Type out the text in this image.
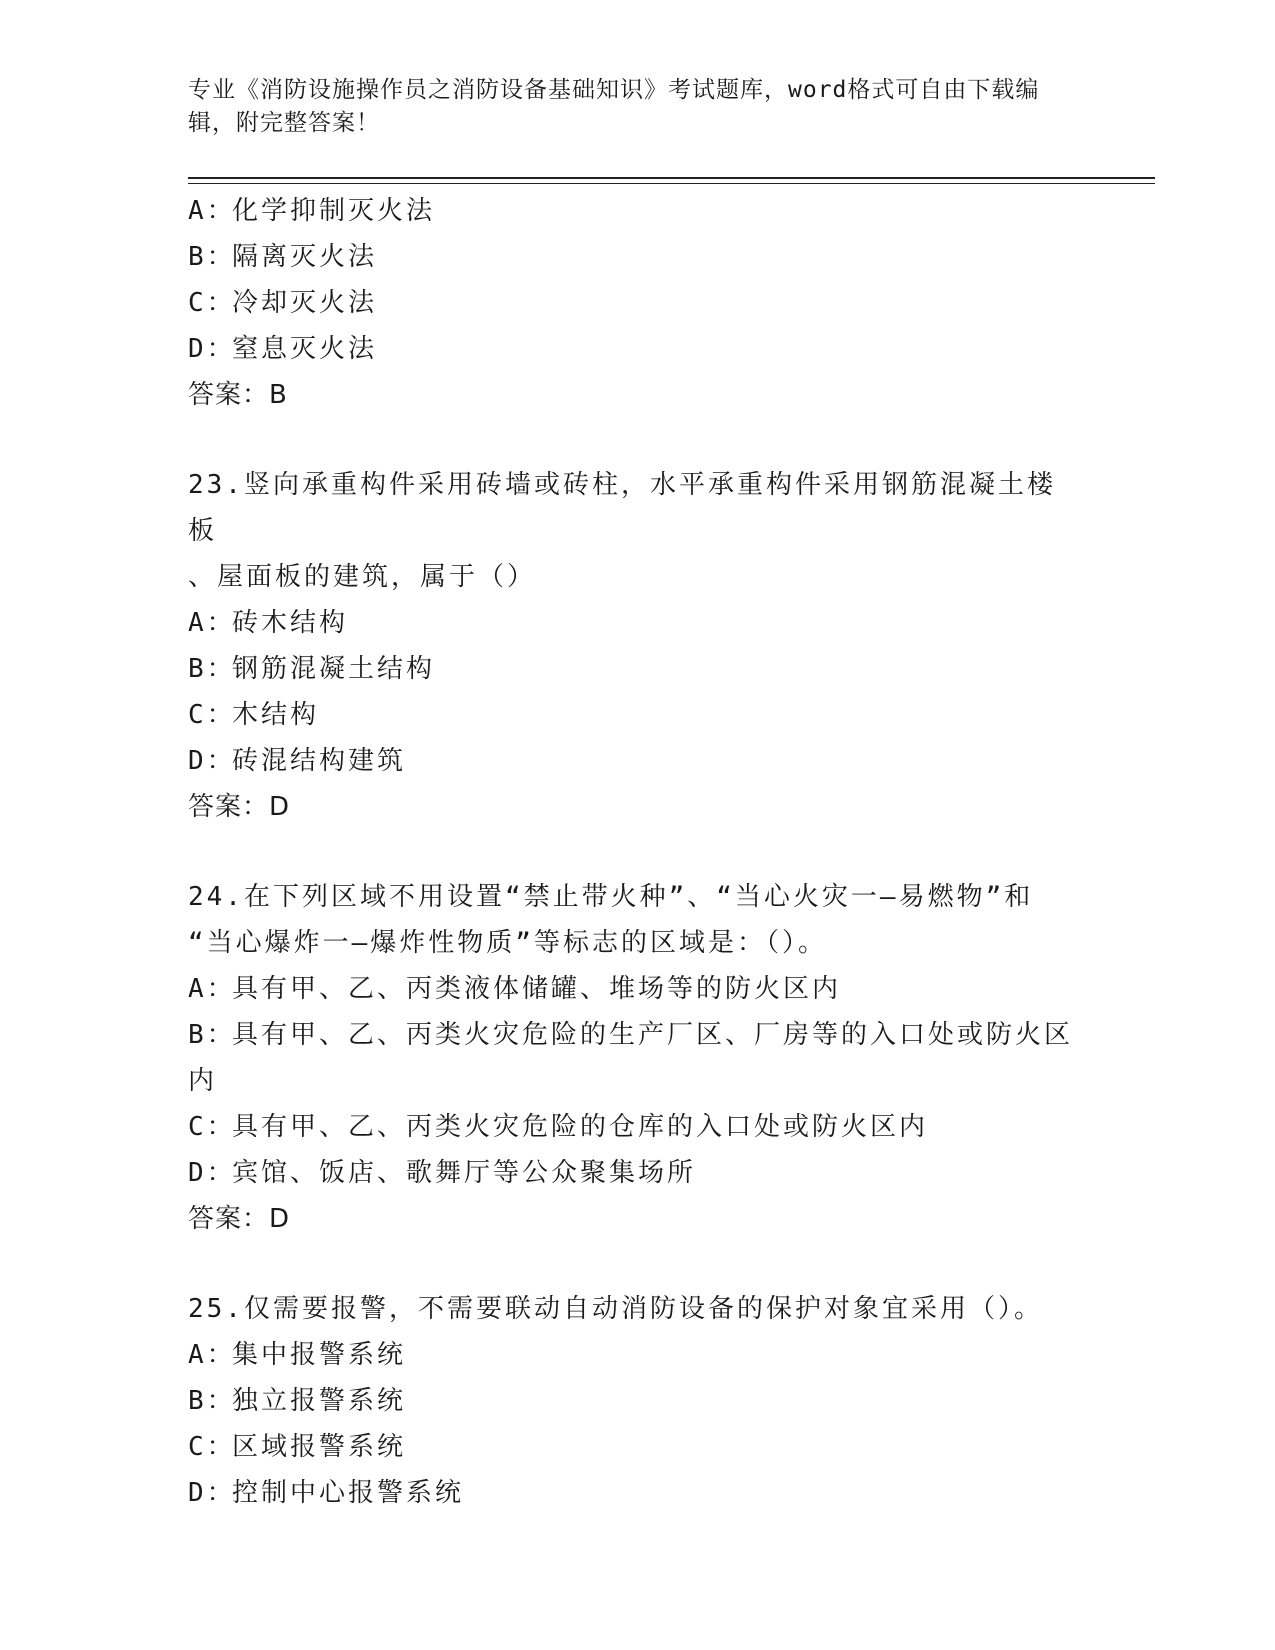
专业《消防设施操作员之消防设备基础知识》考试题库，word格式可自由下载编
辑，附完整答案！
A：化学抑制灭火法
B：隔离灭火法
C：冷却灭火法
D：窒息灭火法
答案：B
23.竖向承重构件采用砖墙或砖柱，水平承重构件采用钢筋混凝土楼板
、屋面板的建筑，属于（）
A：砖木结构
B：钢筋混凝土结构
C：木结构
D：砖混结构建筑
答案：D
24.在下列区域不用设置“禁止带火种”、“当心火灾一—易燃物”和
“当心爆炸一—爆炸性物质”等标志的区域是：（）。
A：具有甲、乙、丙类液体储罐、堆场等的防火区内
B：具有甲、乙、丙类火灾危险的生产厂区、厂房等的入口处或防火区
内
C：具有甲、乙、丙类火灾危险的仓库的入口处或防火区内
D：宾馆、饭店、歌舞厅等公众聚集场所
答案：D
25.仅需要报警，不需要联动自动消防设备的保护对象宜采用（）。
A：集中报警系统
B：独立报警系统
C：区域报警系统
D：控制中心报警系统
